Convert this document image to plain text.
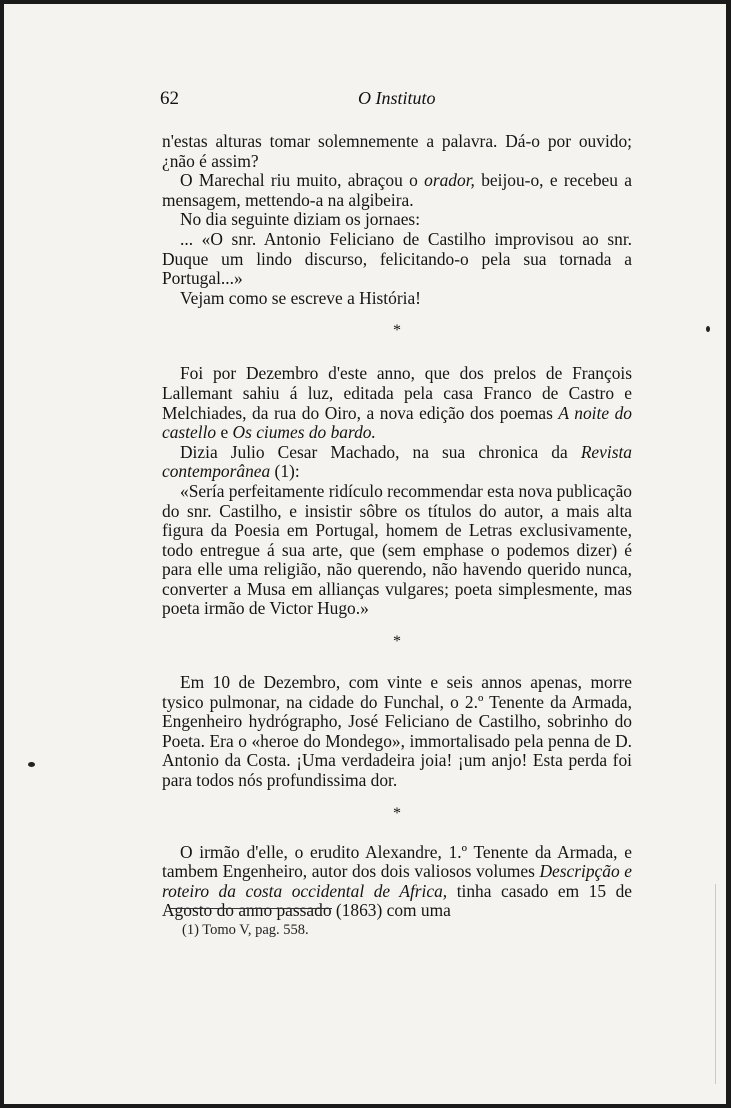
62	O Instituto

n'estas alturas tomar solemnemente a palavra. Dá-o por ouvido; ¿não é assim?

O Marechal riu muito, abraçou o orador, beijou-o, e recebeu a mensagem, mettendo-a na algibeira.

No dia seguinte diziam os jornaes:

... «O snr. Antonio Feliciano de Castilho improvisou ao snr. Duque um lindo discurso, felicitando-o pela sua tornada a Portugal...»

Vejam como se escreve a História!

*

Foi por Dezembro d'este anno, que dos prelos de François Lallemant sahiu á luz, editada pela casa Franco de Castro e Melchiades, da rua do Oiro, a nova edição dos poemas A noite do castello e Os ciumes do bardo.

Dizia Julio Cesar Machado, na sua chronica da Revista contemporânea (1):

«Sería perfeitamente ridículo recommendar esta nova publicação do snr. Castilho, e insistir sôbre os títulos do autor, a mais alta figura da Poesia em Portugal, homem de Letras exclusivamente, todo entregue á sua arte, que (sem emphase o podemos dizer) é para elle uma religião, não querendo, não havendo querido nunca, converter a Musa em allianças vulgares; poeta simplesmente, mas poeta irmão de Victor Hugo.»

*

Em 10 de Dezembro, com vinte e seis annos apenas, morre tysico pulmonar, na cidade do Funchal, o 2.º Tenente da Armada, Engenheiro hydrógrapho, José Feliciano de Castilho, sobrinho do Poeta. Era o «heroe do Mondego», immortalisado pela penna de D. Antonio da Costa. ¡Uma verdadeira joia! ¡um anjo! Esta perda foi para todos nós profundissima dor.

*

O irmão d'elle, o erudito Alexandre, 1.º Tenente da Armada, e tambem Engenheiro, autor dos dois valiosos volumes Descripção e roteiro da costa occidental de Africa, tinha casado em 15 de Agosto do anno passado (1863) com uma

(1) Tomo V, pag. 558.
